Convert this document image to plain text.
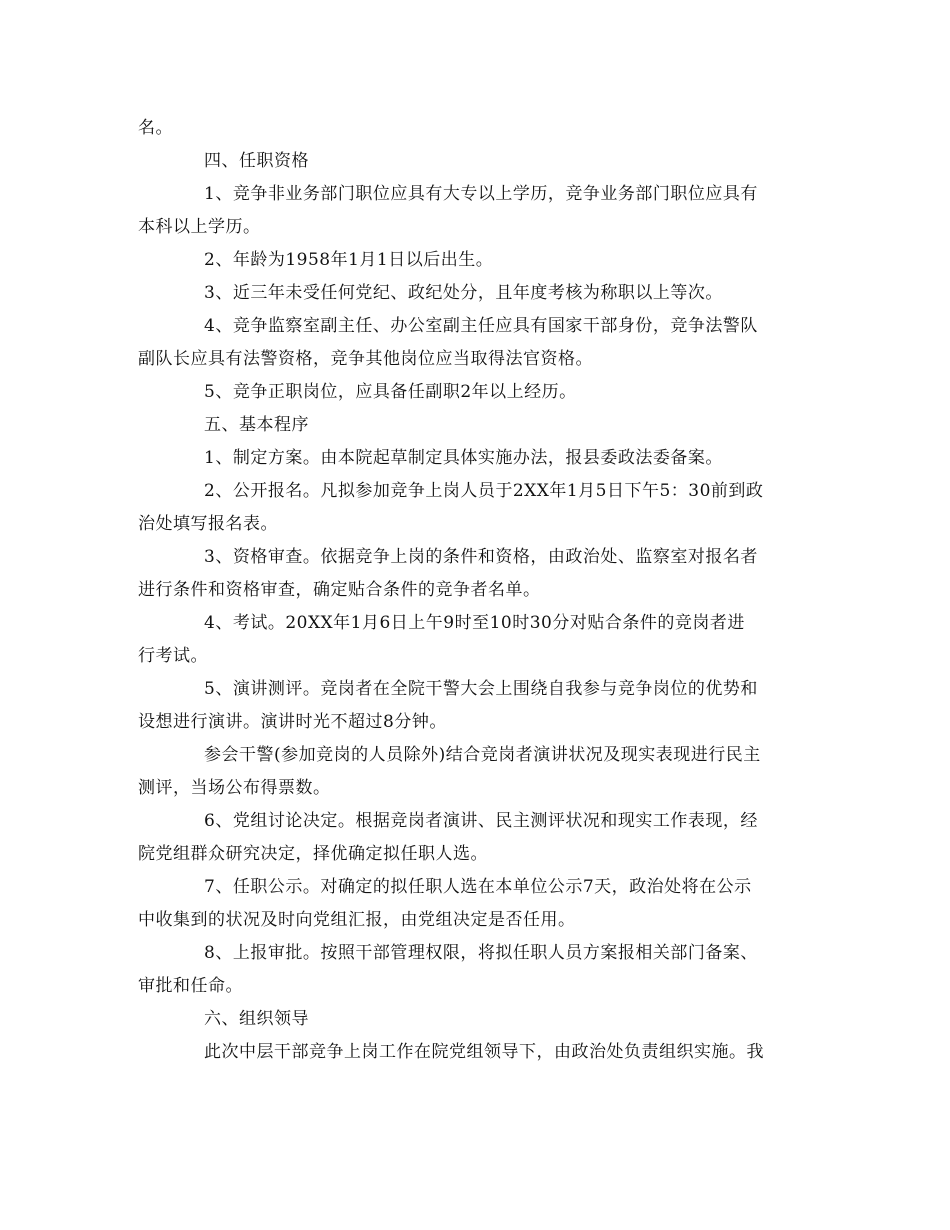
名。
四、任职资格
1、竞争非业务部门职位应具有大专以上学历，竞争业务部门职位应具有
本科以上学历。
2、年龄为1958年1月1日以后出生。
3、近三年未受任何党纪、政纪处分，且年度考核为称职以上等次。
4、竞争监察室副主任、办公室副主任应具有国家干部身份，竞争法警队
副队长应具有法警资格，竞争其他岗位应当取得法官资格。
5、竞争正职岗位，应具备任副职2年以上经历。
五、基本程序
1、制定方案。由本院起草制定具体实施办法，报县委政法委备案。
2、公开报名。凡拟参加竞争上岗人员于2XX年1月5日下午5：30前到政
治处填写报名表。
3、资格审查。依据竞争上岗的条件和资格，由政治处、监察室对报名者
进行条件和资格审查，确定贴合条件的竞争者名单。
4、考试。20XX年1月6日上午9时至10时30分对贴合条件的竞岗者进
行考试。
5、演讲测评。竞岗者在全院干警大会上围绕自我参与竞争岗位的优势和
设想进行演讲。演讲时光不超过8分钟。
参会干警(参加竞岗的人员除外)结合竞岗者演讲状况及现实表现进行民主
测评，当场公布得票数。
6、党组讨论决定。根据竞岗者演讲、民主测评状况和现实工作表现，经
院党组群众研究决定，择优确定拟任职人选。
7、任职公示。对确定的拟任职人选在本单位公示7天，政治处将在公示
中收集到的状况及时向党组汇报，由党组决定是否任用。
8、上报审批。按照干部管理权限，将拟任职人员方案报相关部门备案、
审批和任命。
六、组织领导
此次中层干部竞争上岗工作在院党组领导下，由政治处负责组织实施。我
